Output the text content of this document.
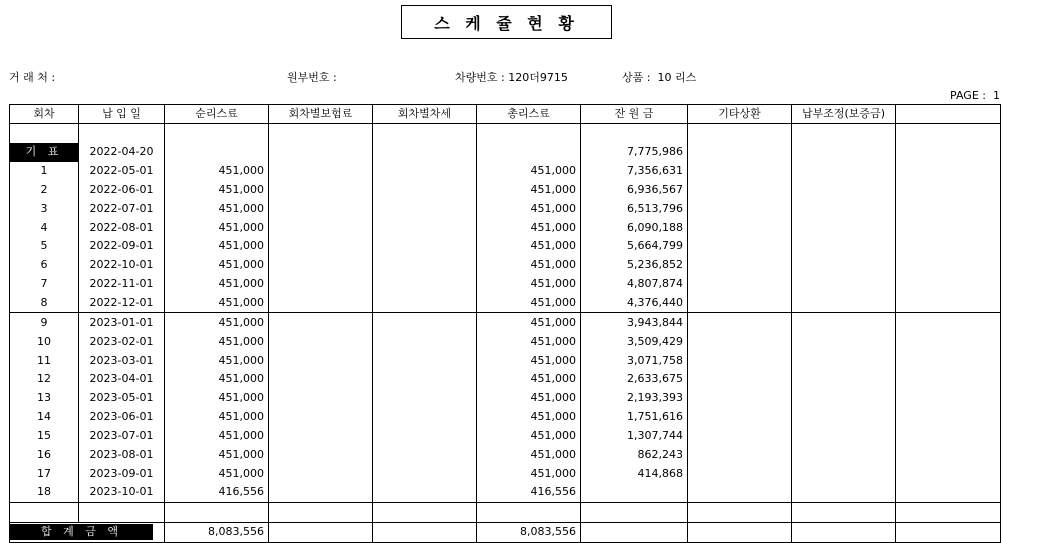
스 케 쥴 현 황
거 래 처 :	원부번호 :	차량번호 : 120더9715	상품 : 10 리스
PAGE : 1
회차	납 입 일	순리스료	회차별보험료	회차별차세	총리스료	잔 원 금	기타상환	납부조정(보증금)	

기 표	2022-04-20					7,775,986			
1	2022-05-01	451,000			451,000	7,356,631			
2	2022-06-01	451,000			451,000	6,936,567			
3	2022-07-01	451,000			451,000	6,513,796			
4	2022-08-01	451,000			451,000	6,090,188			
5	2022-09-01	451,000			451,000	5,664,799			
6	2022-10-01	451,000			451,000	5,236,852			
7	2022-11-01	451,000			451,000	4,807,874			
8	2022-12-01	451,000			451,000	4,376,440			
9	2023-01-01	451,000			451,000	3,943,844			
10	2023-02-01	451,000			451,000	3,509,429			
11	2023-03-01	451,000			451,000	3,071,758			
12	2023-04-01	451,000			451,000	2,633,675			
13	2023-05-01	451,000			451,000	2,193,393			
14	2023-06-01	451,000			451,000	1,751,616			
15	2023-07-01	451,000			451,000	1,307,744			
16	2023-08-01	451,000			451,000	862,243			
17	2023-09-01	451,000			451,000	414,868			
18	2023-10-01	416,556			416,556				

합 계 금 액		8,083,556			8,083,556				
